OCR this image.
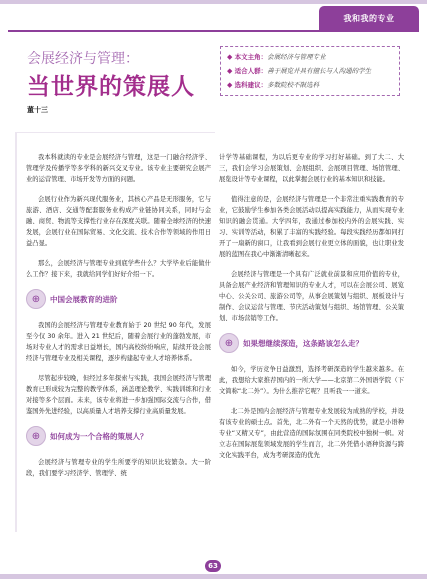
我和我的专业
会展经济与管理：
当世界的策展人
董十三
◆ 本文主角：会展经济与管理专业
◆ 适合人群：善于展览并具有擅长与人沟通的学生
◆ 选科建议：多数院校不限选科

我本科就读的专业是会展经济与管理，这是一门融合经济学、管理学及传播学等多学科的新兴交叉专业。该专业主要研究会展产业的运营管理、市场开发等方面的问题。

会展行业作为新兴现代服务业，其核心产品是无形服务，它与旅游、酒店、交通等配套服务业构成产业链协同关系，同时与金融、商贸、物流等支撑性行业存在深度关联。随着全球经济的快速发展，会展行业在国际贸易、文化交流、技术合作等领域的作用日益凸显。

那么，会展经济与管理专业到底学些什么？大学毕业后能做什么工作？接下来，我就给同学们好好介绍一下。

⊕	中国会展教育的进阶

我国的会展经济与管理专业教育始于 20 世纪 90 年代，发展至今仅 30 余年。进入 21 世纪后，随着会展行业的蓬勃发展，市场对专业人才的需求日益增长，国内高校纷纷响应，陆续开设会展经济与管理专业及相关课程，逐步构建起专业人才培养体系。

尽管起步较晚，但经过多年探索与实践，我国会展经济与管理教育已形成较为完整的教学体系，涵盖理论教学、实践训练和行业对接等多个层面。未来，该专业将进一步加强国际交流与合作，借鉴国外先进经验，以高质量人才培养支撑行业高质量发展。

⊕	如何成为一个合格的策展人？

会展经济与管理专业的学生所要学的知识比较繁杂。大一阶段，我们要学习经济学、管理学、统

计学等基础课程，为以后更专业的学习打好基础。到了大二、大三，我们会学习会展策划、会展组织、会展项目管理、场馆管理、展览设计等专业课程，以此掌握会展行业的基本知识和技能。

值得注意的是，会展经济与管理是一个非常注重实践教育的专业，它鼓励学生参加各类会展活动以提高实践能力，从而实现专业知识的融会贯通。大学四年，我通过参加校内外的会展实践、实习、实训等活动，积累了丰富的实践经验。每段实践经历都如同打开了一扇新的窗口，让我看到会展行业更立体的面貌，也让职业发展的蓝图在我心中渐渐清晰起来。

会展经济与管理是一个具有广泛就业前景和应用价值的专业，具备会展产业经济和管理知识的专业人才，可以在会展公司、展览中心、公关公司、旅游公司等，从事会展策划与组织、展板设计与制作、会议运营与管理、节庆活动策划与组织、场馆管理、公关策划、市场营销等工作。

⊕	如果想继续深造，这条路该怎么走？

如今，学历竞争日益激烈，选择考研深造的学生越来越多。在此，我想给大家推荐国内的一所大学——北京第二外国语学院（下文简称“北二外”）。为什么推荐它呢？且听我一一道来。

北二外是国内会展经济与管理专业发展较为成熟的学校，并设有该专业的硕士点。首先，北二外有一个天然的优势，就是小语种专业“又精又专”，由此营造的国际氛围在同类院校中独树一帜。对立志在国际展览领域发展的学生而言，北二外凭借小语种资源与跨文化实践平台，成为考研深造的优先

63
